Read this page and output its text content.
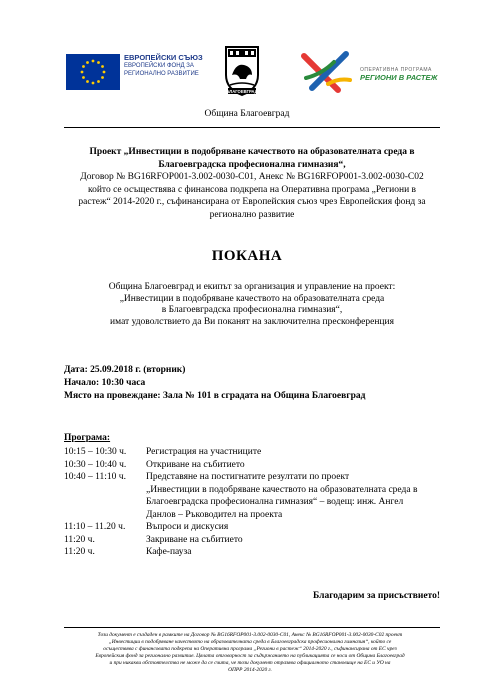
ЕВРОПЕЙСКИ СЪЮЗ
ЕВРОПЕЙСКИ ФОНД ЗА
РЕГИОНАЛНО РАЗВИТИЕ
БЛАГОЕВГРАД
ОПЕРАТИВНА ПРОГРАМА
РЕГИОНИ В РАСТЕЖ
Община Благоевград
Проект „Инвестиции в подобряване качеството на образователната среда в
Благоевградска професионална гимназия“,
Договор № BG16RFOP001-3.002-0030-C01, Анекс № BG16RFOP001-3.002-0030-C02
който се осъществява с финансова подкрепа на Оперативна програма „Региони в
растеж“ 2014-2020 г., съфинансирана от Европейския съюз чрез Европейския фонд за
регионално развитие
ПОКАНА
Община Благоевград и екипът за организация и управление на проект:
„Инвестиции в подобряване качеството на образователната среда
в Благоевградска професионална гимназия“,
имат удоволствието да Ви поканят на заключителна пресконференция
Дата: 25.09.2018 г. (вторник)
Начало: 10:30 часа
Място на провеждане: Зала № 101 в сградата на Община Благоевград
Програма:
10:15 – 10:30 ч.	Регистрация на участниците
10:30 – 10:40 ч.	Откриване на събитието
10:40 – 11:10 ч.	Представяне на постигнатите резултати по проект
„Инвестиции в подобряване качеството на образователната среда в
Благоевградска професионална гимназия“ – водещ: инж. Ангел
Данлов – Ръководител на проекта
11:10 – 11.20 ч.	Въпроси и дискусия
11:20 ч.	Закриване на събитието
11:20 ч.	Кафе-пауза
Благодарим за присъствието!
Този документ е създаден в рамките на Договор № BG16RFOP001-3.002-0030-C01, Анекс № BG16RFOP001-3.002-0030-C02 проект
„Инвестиции в подобряване качеството на образователната среда в Благоевградска професионална гимназия“, който се
осъществява с финансовата подкрепа на Оперативна програма „Региони в растеж“ 2014-2020 г., съфинансирана от ЕС чрез
Европейския фонд за регионално развитие. Цялата отговорност за съдържанието на публикацията се носи от Община Благоевград
и при никакви обстоятелства не може да се счита, че този документ отразява официалното становище на ЕС и УО на
ОПРР 2014-2020 г.
